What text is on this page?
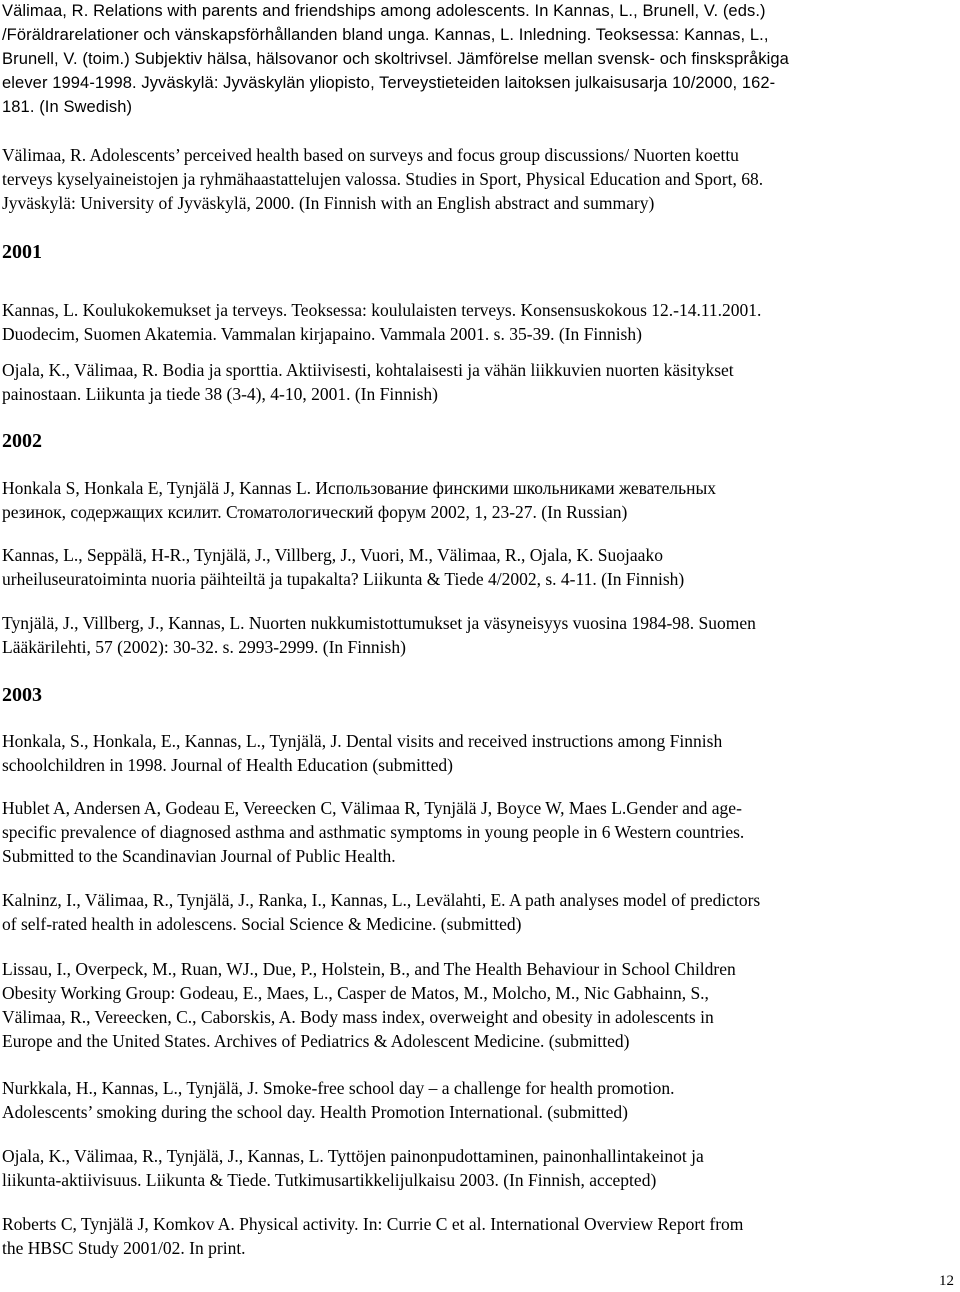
Välimaa, R. Relations with parents and friendships among adolescents. In Kannas, L., Brunell, V. (eds.)
/Föräldrarelationer och vänskapsförhållanden bland unga. Kannas, L. Inledning. Teoksessa: Kannas, L.,
Brunell, V. (toim.) Subjektiv hälsa, hälsovanor och skoltrivsel. Jämförelse mellan svensk- och finskspråkiga
elever 1994-1998. Jyväskylä: Jyväskylän yliopisto, Terveystieteiden laitoksen julkaisusarja 10/2000, 162-
181. (In Swedish)
Välimaa, R. Adolescents’ perceived health based on surveys and focus group discussions/ Nuorten koettu
terveys kyselyaineistojen ja ryhmähaastattelujen valossa. Studies in Sport, Physical Education and Sport, 68.
Jyväskylä: University of Jyväskylä, 2000. (In Finnish with an English abstract and summary)
2001
Kannas, L. Koulukokemukset ja terveys. Teoksessa: koululaisten terveys. Konsensuskokous 12.-14.11.2001.
Duodecim, Suomen Akatemia. Vammalan kirjapaino. Vammala 2001. s. 35-39. (In Finnish)
Ojala, K., Välimaa, R. Bodia ja sporttia. Aktiivisesti, kohtalaisesti ja vähän liikkuvien nuorten käsitykset
painostaan. Liikunta ja tiede 38 (3-4), 4-10, 2001. (In Finnish)
2002
Honkala S, Honkala E, Tynjälä J, Kannas L. Использование финскими школьниками жевательных
резинок, содержащих ксилит. Стоматологический форум 2002, 1, 23-27. (In Russian)
Kannas, L., Seppälä, H-R., Tynjälä, J., Villberg, J., Vuori, M., Välimaa, R., Ojala, K. Suojaako
urheiluseuratoiminta nuoria päihteiltä ja tupakalta? Liikunta & Tiede 4/2002, s. 4-11. (In Finnish)
Tynjälä, J., Villberg, J., Kannas, L. Nuorten nukkumistottumukset ja väsyneisyys vuosina 1984-98. Suomen
Lääkärilehti, 57 (2002): 30-32. s. 2993-2999. (In Finnish)
2003
Honkala, S., Honkala, E., Kannas, L., Tynjälä, J. Dental visits and received instructions among Finnish
schoolchildren in 1998. Journal of Health Education (submitted)
Hublet A, Andersen A, Godeau E, Vereecken C, Välimaa R, Tynjälä J, Boyce W, Maes L.Gender and age-
specific prevalence of diagnosed asthma and asthmatic symptoms in young people in 6 Western countries.
Submitted to the Scandinavian Journal of Public Health.
Kalninz, I., Välimaa, R., Tynjälä, J., Ranka, I., Kannas, L., Levälahti, E. A path analyses model of predictors
of self-rated health in adolescens. Social Science & Medicine. (submitted)
Lissau, I., Overpeck, M., Ruan, WJ., Due, P., Holstein, B., and The Health Behaviour in School Children
Obesity Working Group: Godeau, E., Maes, L., Casper de Matos, M., Molcho, M., Nic Gabhainn, S.,
Välimaa, R., Vereecken, C., Caborskis, A. Body mass index, overweight and obesity in adolescents in
Europe and the United States. Archives of Pediatrics & Adolescent Medicine. (submitted)
Nurkkala, H., Kannas, L., Tynjälä, J. Smoke-free school day – a challenge for health promotion.
Adolescents’ smoking during the school day. Health Promotion International. (submitted)
Ojala, K., Välimaa, R., Tynjälä, J., Kannas, L. Tyttöjen painonpudottaminen, painonhallintakeinot ja
liikunta-aktiivisuus. Liikunta & Tiede. Tutkimusartikkelijulkaisu 2003. (In Finnish, accepted)
Roberts C, Tynjälä J, Komkov A. Physical activity. In: Currie C et al. International Overview Report from
the HBSC Study 2001/02. In print.
12
